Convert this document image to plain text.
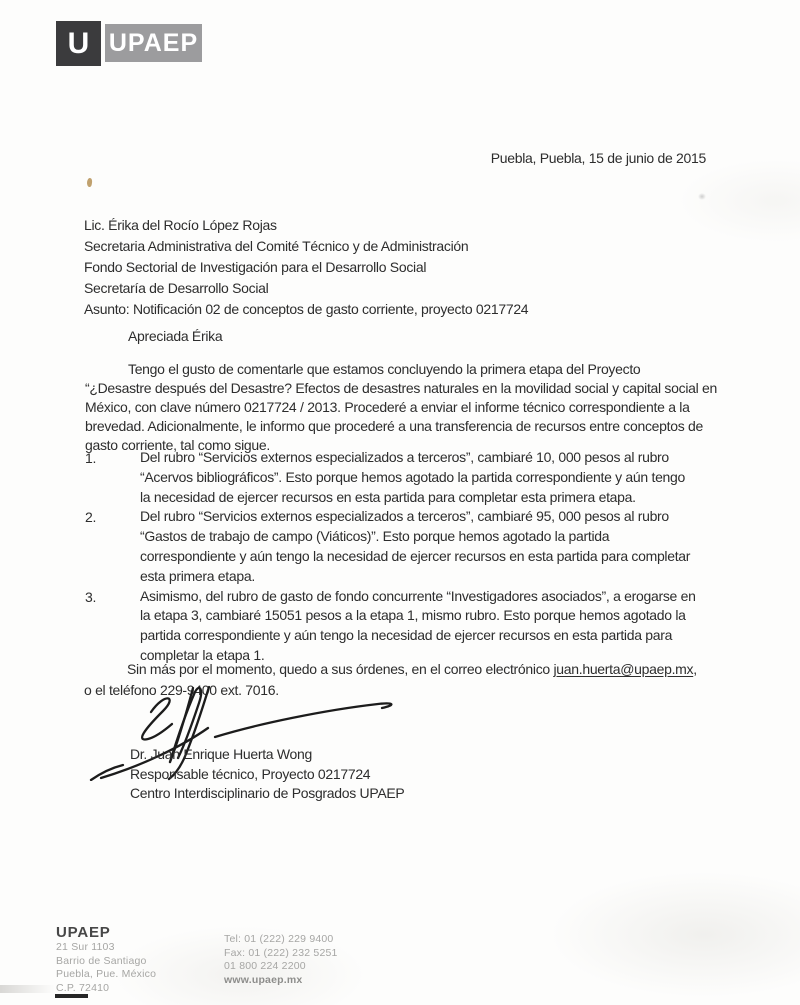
U UPAEP
Puebla, Puebla, 15 de junio de 2015
Lic. Érika del Rocío López Rojas
Secretaria Administrativa del Comité Técnico y de Administración
Fondo Sectorial de Investigación para el Desarrollo Social
Secretaría de Desarrollo Social
Asunto: Notificación 02 de conceptos de gasto corriente, proyecto 0217724
Apreciada Érika
Tengo el gusto de comentarle que estamos concluyendo la primera etapa del Proyecto
“¿Desastre después del Desastre? Efectos de desastres naturales en la movilidad social y capital social en
México, con clave número 0217724 / 2013. Procederé a enviar el informe técnico correspondiente a la
brevedad. Adicionalmente, le informo que procederé a una transferencia de recursos entre conceptos de
gasto corriente, tal como sigue.
1.	Del rubro “Servicios externos especializados a terceros”, cambiaré 10, 000 pesos al rubro
“Acervos bibliográficos”. Esto porque hemos agotado la partida correspondiente y aún tengo
la necesidad de ejercer recursos en esta partida para completar esta primera etapa.
2.	Del rubro “Servicios externos especializados a terceros”, cambiaré 95, 000 pesos al rubro
“Gastos de trabajo de campo (Viáticos)”. Esto porque hemos agotado la partida
correspondiente y aún tengo la necesidad de ejercer recursos en esta partida para completar
esta primera etapa.
3.	Asimismo, del rubro de gasto de fondo concurrente “Investigadores asociados”, a erogarse en
la etapa 3, cambiaré 15051 pesos a la etapa 1, mismo rubro. Esto porque hemos agotado la
partida correspondiente y aún tengo la necesidad de ejercer recursos en esta partida para
completar la etapa 1.
Sin más por el momento, quedo a sus órdenes, en el correo electrónico juan.huerta@upaep.mx,
o el teléfono 229-9400 ext. 7016.
Dr. Juan Enrique Huerta Wong
Responsable técnico, Proyecto 0217724
Centro Interdisciplinario de Posgrados UPAEP
UPAEP
21 Sur 1103
Barrio de Santiago
Puebla, Pue. México
C.P. 72410
Tel: 01 (222) 229 9400
Fax: 01 (222) 232 5251
01 800 224 2200
www.upaep.mx
